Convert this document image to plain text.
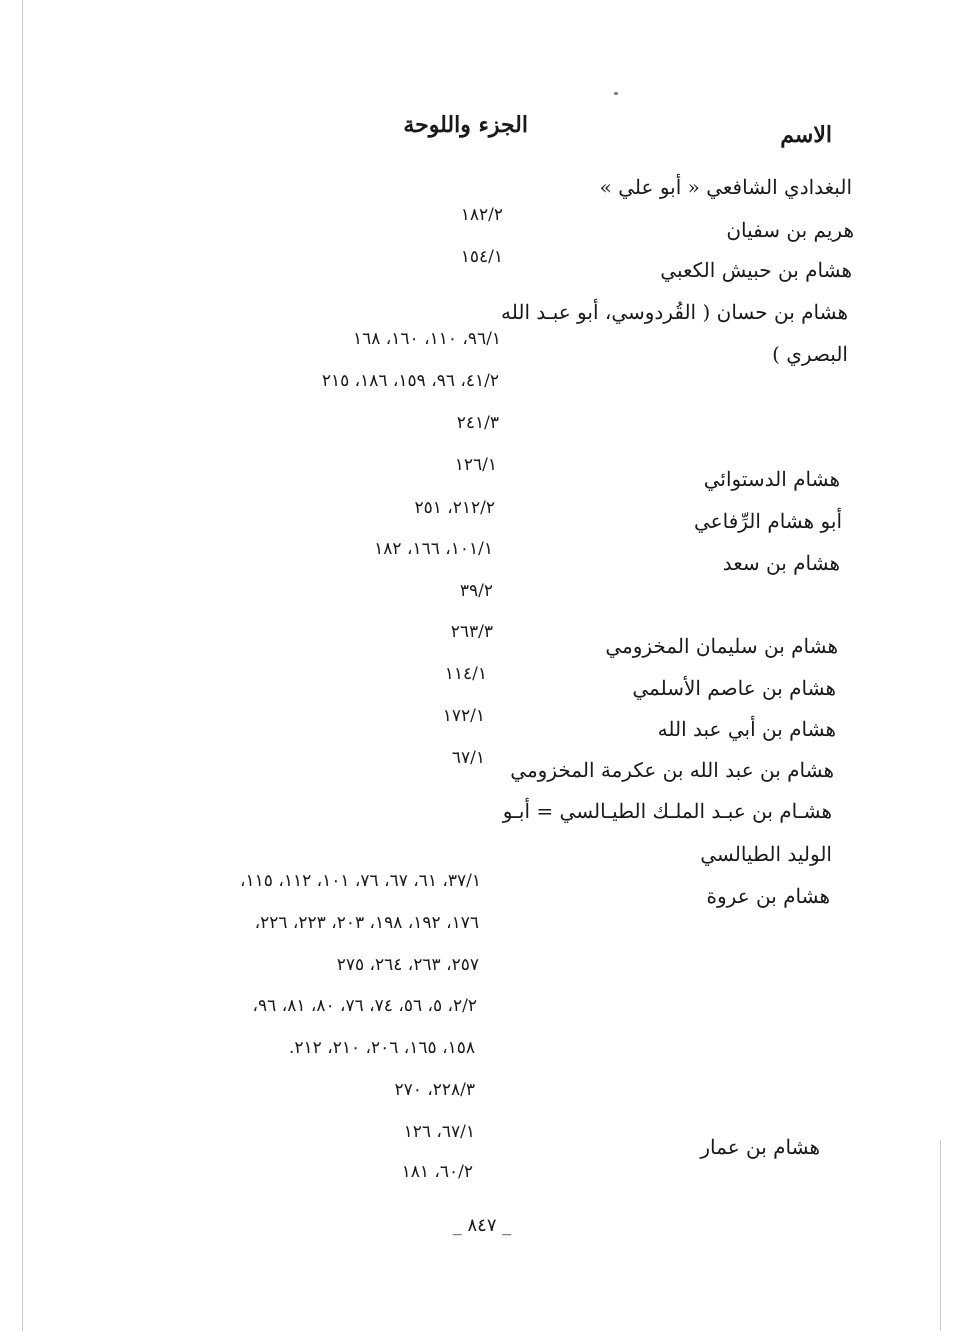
الاسم
الجزء واللوحة
البغدادي الشافعي « أبو علي »
هريم بن سفيان
هشام بن حبيش الكعبي
هشام بن حسان ( القُردوسي، أبو عبـد الله
البصري )
هشام الدستوائي
أبو هشام الرِّفاعي
هشام بن سعد
هشام بن سليمان المخزومي
هشام بن عاصم الأسلمي
هشام بن أبي عبد الله
هشام بن عبد الله بن عكرمة المخزومي
هشـام بن عبـد الملـك الطيـالسي = أبـو
الوليد الطيالسي
هشام بن عروة
هشام بن عمار
١٨٢/٢
١٥٤/١
٩٦/١، ١١٠، ١٦٠، ١٦٨
٤١/٢، ٩٦، ١٥٩، ١٨٦، ٢١٥
٢٤١/٣
١٢٦/١
٢١٢/٢، ٢٥١
١٠١/١، ١٦٦، ١٨٢
٣٩/٢
٢٦٣/٣
١١٤/١
١٧٢/١
٦٧/١
٣٧/١، ٦١، ٦٧، ٧٦، ١٠١، ١١٢، ١١٥،
١٧٦، ١٩٢، ١٩٨، ٢٠٣، ٢٢٣، ٢٢٦،
٢٥٧، ٢٦٣، ٢٦٤، ٢٧٥
٢/٢، ٥، ٥٦، ٧٤، ٧٦، ٨٠، ٨١، ٩٦،
١٥٨، ١٦٥، ٢٠٦، ٢١٠، ٢١٢.
٢٢٨/٣، ٢٧٠
٦٧/١، ١٢٦
٦٠/٢، ١٨١
_ ٨٤٧ _
